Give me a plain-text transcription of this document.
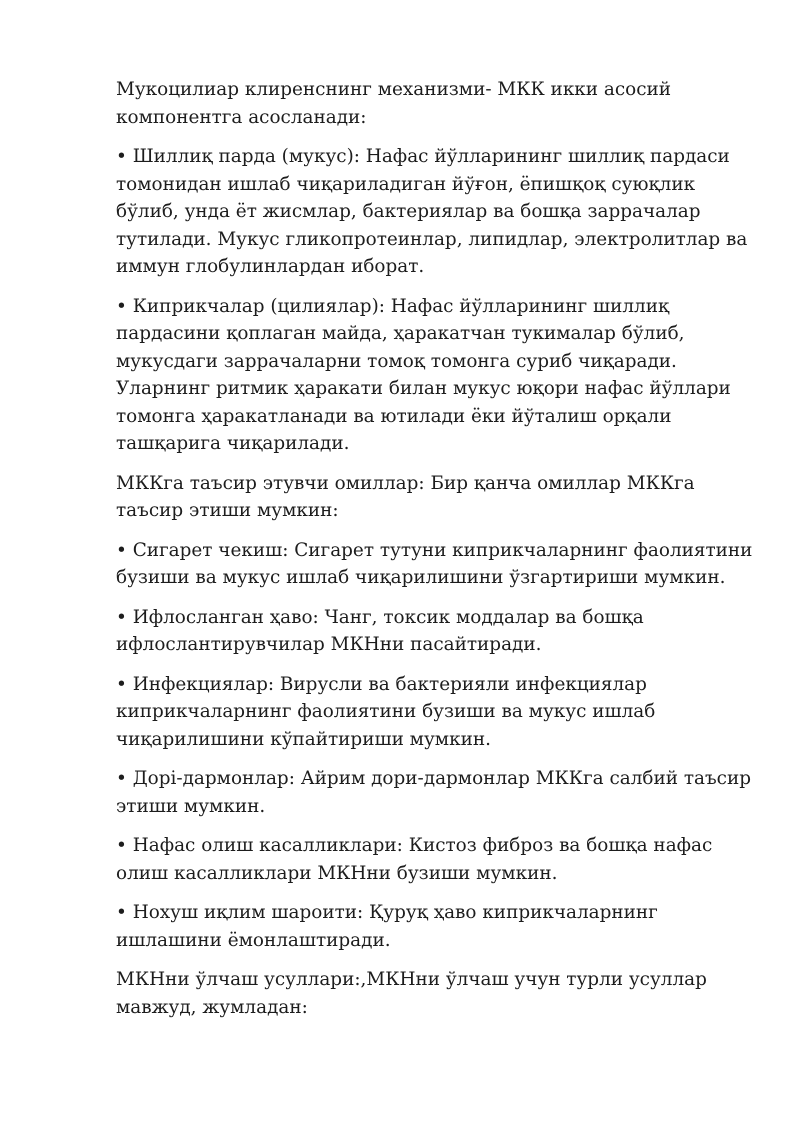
Мукоцилиар клиренснинг механизми- МКК икки асосий
компонентга асосланади:
• Шиллиқ парда (мукус): Нафас йўлларининг шиллиқ пардаси
томонидан ишлаб чиқариладиган йўғон, ёпишқоқ суюқлик
бўлиб, унда ёт жисмлар, бактериялар ва бошқа заррачалар
тутилади. Мукус гликопротеинлар, липидлар, электролитлар ва
иммун глобулинлардан иборат.
• Киприкчалар (цилиялар): Нафас йўлларининг шиллиқ
пардасини қоплаган майда, ҳаракатчан тукималар бўлиб,
мукусдаги заррачаларни томоқ томонга суриб чиқаради.
Уларнинг ритмик ҳаракати билан мукус юқори нафас йўллари
томонга ҳаракатланади ва ютилади ёки йўталиш орқали
ташқарига чиқарилади.
МККга таъсир этувчи омиллар: Бир қанча омиллар МККга
таъсир этиши мумкин:
• Сигарет чекиш: Сигарет тутуни киприкчаларнинг фаолиятини
бузиши ва мукус ишлаб чиқарилишини ўзгартириши мумкин.
• Ифлосланган ҳаво: Чанг, токсик моддалар ва бошқа
ифлослантирувчилар МКНни пасайтиради.
• Инфекциялар: Вирусли ва бактерияли инфекциялар
киприкчаларнинг фаолиятини бузиши ва мукус ишлаб
чиқарилишини кўпайтириши мумкин.
• Дорі-дармонлар: Айрим дори-дармонлар МККга салбий таъсир
этиши мумкин.
• Нафас олиш касалликлари: Кистоз фиброз ва бошқа нафас
олиш касалликлари МКНни бузиши мумкин.
• Нохуш иқлим шароити: Қуруқ ҳаво киприкчаларнинг
ишлашини ёмонлаштиради.
МКНни ўлчаш усуллари:,МКНни ўлчаш учун турли усуллар
мавжуд, жумладан:
